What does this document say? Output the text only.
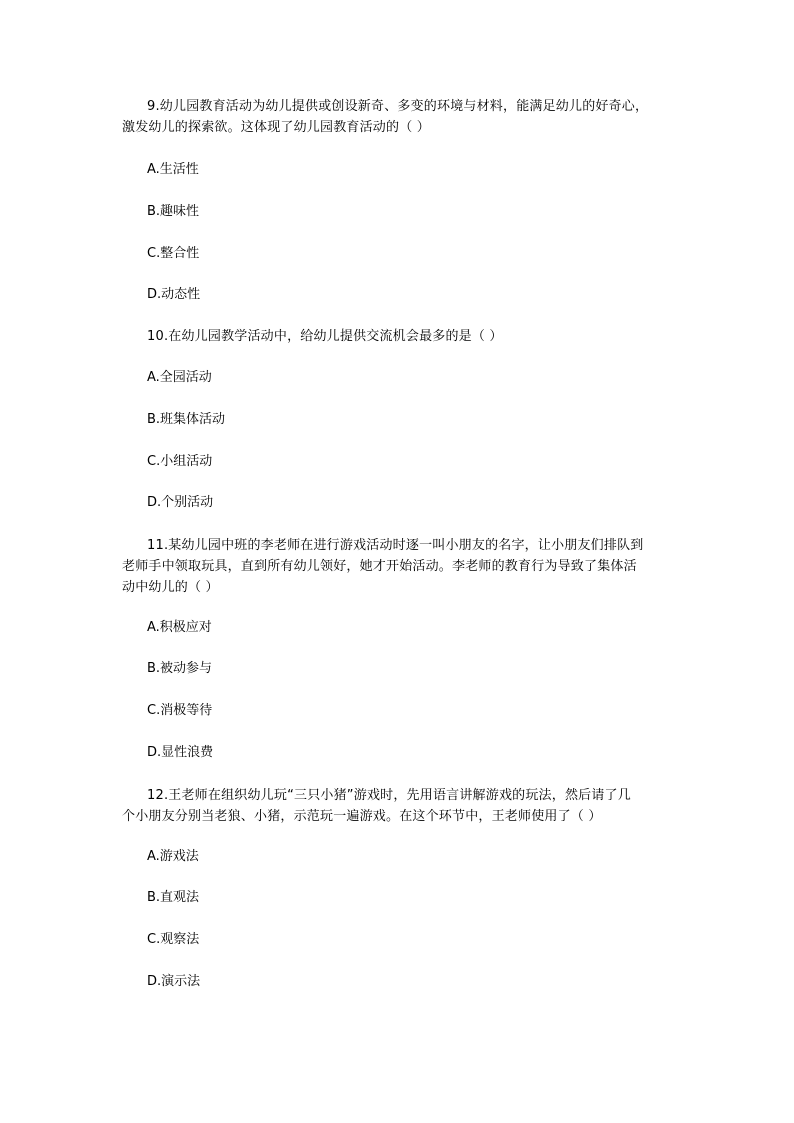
9.幼儿园教育活动为幼儿提供或创设新奇、多变的环境与材料，能满足幼儿的好奇心，
激发幼儿的探索欲。这体现了幼儿园教育活动的（ ）
A.生活性
B.趣味性
C.整合性
D.动态性
10.在幼儿园教学活动中，给幼儿提供交流机会最多的是（ ）
A.全园活动
B.班集体活动
C.小组活动
D.个别活动
11.某幼儿园中班的李老师在进行游戏活动时逐一叫小朋友的名字，让小朋友们排队到
老师手中领取玩具，直到所有幼儿领好，她才开始活动。李老师的教育行为导致了集体活
动中幼儿的（ ）
A.积极应对
B.被动参与
C.消极等待
D.显性浪费
12.王老师在组织幼儿玩“三只小猪”游戏时，先用语言讲解游戏的玩法，然后请了几
个小朋友分别当老狼、小猪，示范玩一遍游戏。在这个环节中，王老师使用了（ ）
A.游戏法
B.直观法
C.观察法
D.演示法
